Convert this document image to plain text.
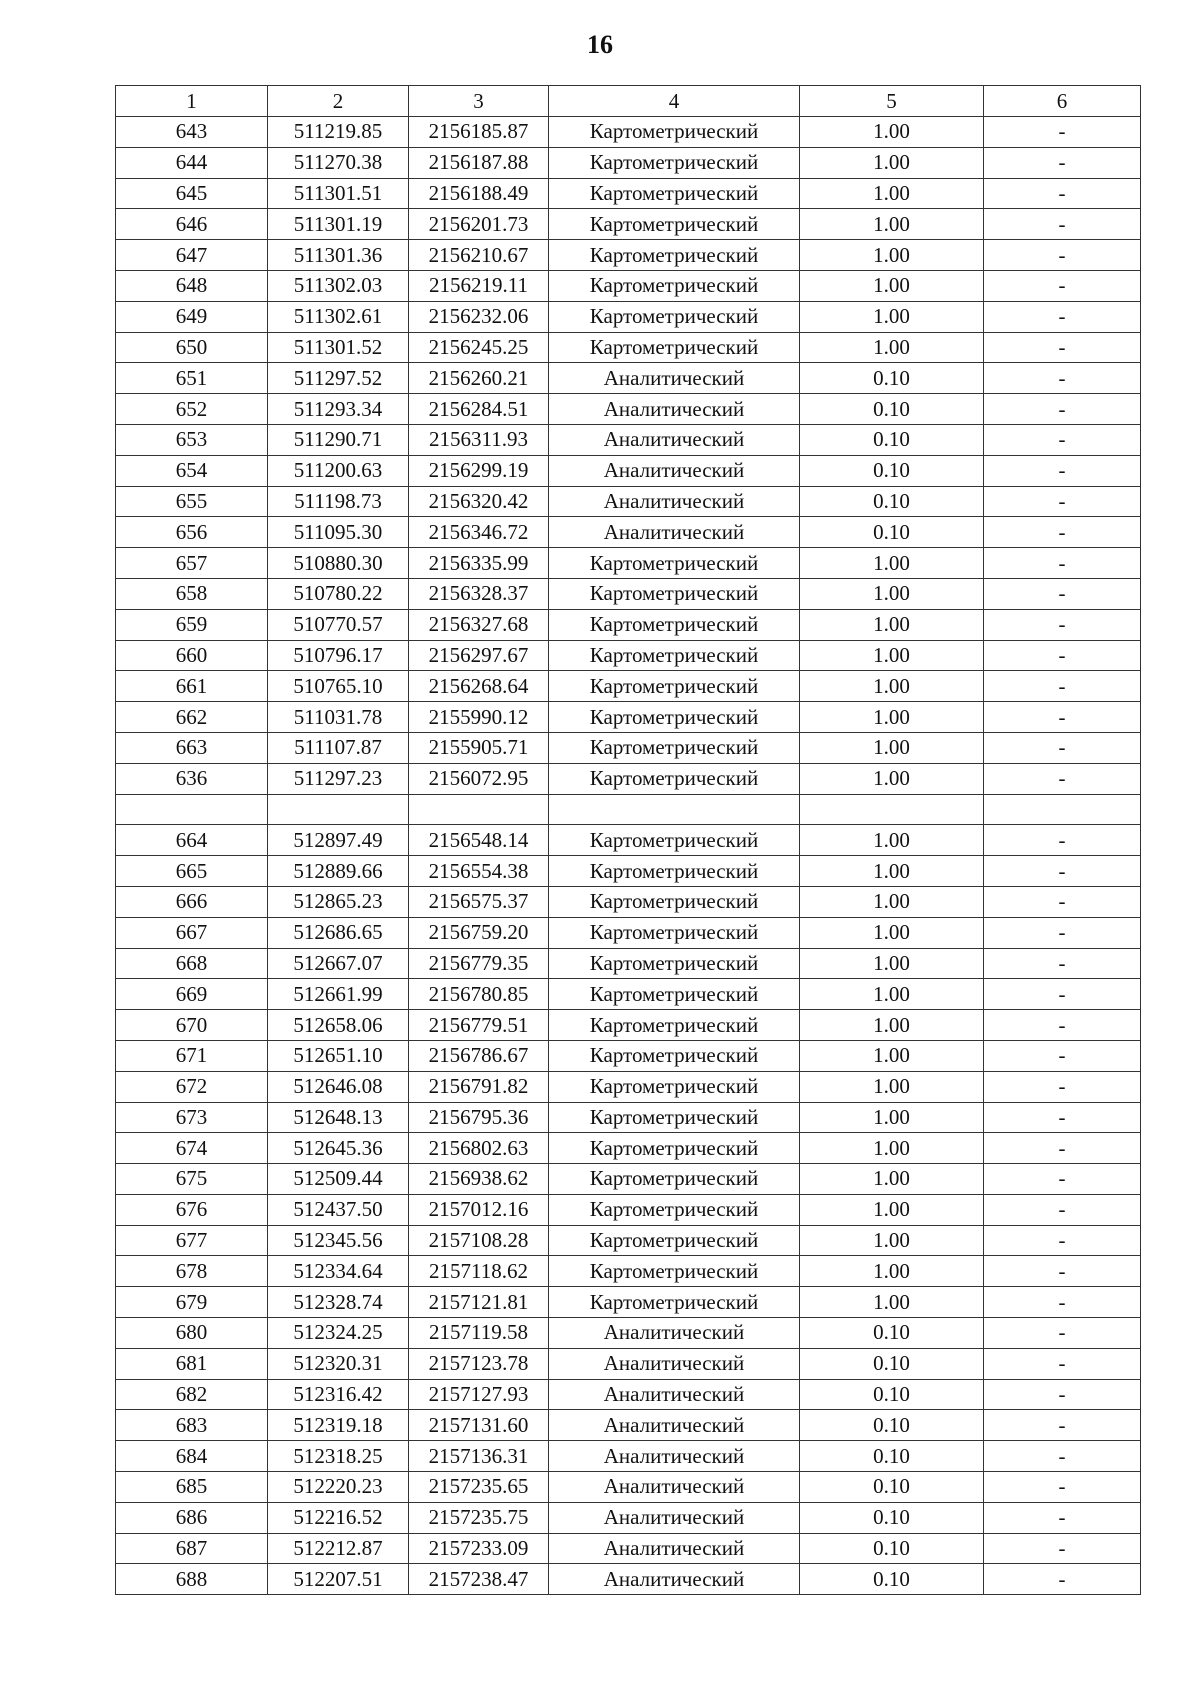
16
1	2	3	4	5	6
643	511219.85	2156185.87	Картометрический	1.00	-
644	511270.38	2156187.88	Картометрический	1.00	-
645	511301.51	2156188.49	Картометрический	1.00	-
646	511301.19	2156201.73	Картометрический	1.00	-
647	511301.36	2156210.67	Картометрический	1.00	-
648	511302.03	2156219.11	Картометрический	1.00	-
649	511302.61	2156232.06	Картометрический	1.00	-
650	511301.52	2156245.25	Картометрический	1.00	-
651	511297.52	2156260.21	Аналитический	0.10	-
652	511293.34	2156284.51	Аналитический	0.10	-
653	511290.71	2156311.93	Аналитический	0.10	-
654	511200.63	2156299.19	Аналитический	0.10	-
655	511198.73	2156320.42	Аналитический	0.10	-
656	511095.30	2156346.72	Аналитический	0.10	-
657	510880.30	2156335.99	Картометрический	1.00	-
658	510780.22	2156328.37	Картометрический	1.00	-
659	510770.57	2156327.68	Картометрический	1.00	-
660	510796.17	2156297.67	Картометрический	1.00	-
661	510765.10	2156268.64	Картометрический	1.00	-
662	511031.78	2155990.12	Картометрический	1.00	-
663	511107.87	2155905.71	Картометрический	1.00	-
636	511297.23	2156072.95	Картометрический	1.00	-

664	512897.49	2156548.14	Картометрический	1.00	-
665	512889.66	2156554.38	Картометрический	1.00	-
666	512865.23	2156575.37	Картометрический	1.00	-
667	512686.65	2156759.20	Картометрический	1.00	-
668	512667.07	2156779.35	Картометрический	1.00	-
669	512661.99	2156780.85	Картометрический	1.00	-
670	512658.06	2156779.51	Картометрический	1.00	-
671	512651.10	2156786.67	Картометрический	1.00	-
672	512646.08	2156791.82	Картометрический	1.00	-
673	512648.13	2156795.36	Картометрический	1.00	-
674	512645.36	2156802.63	Картометрический	1.00	-
675	512509.44	2156938.62	Картометрический	1.00	-
676	512437.50	2157012.16	Картометрический	1.00	-
677	512345.56	2157108.28	Картометрический	1.00	-
678	512334.64	2157118.62	Картометрический	1.00	-
679	512328.74	2157121.81	Картометрический	1.00	-
680	512324.25	2157119.58	Аналитический	0.10	-
681	512320.31	2157123.78	Аналитический	0.10	-
682	512316.42	2157127.93	Аналитический	0.10	-
683	512319.18	2157131.60	Аналитический	0.10	-
684	512318.25	2157136.31	Аналитический	0.10	-
685	512220.23	2157235.65	Аналитический	0.10	-
686	512216.52	2157235.75	Аналитический	0.10	-
687	512212.87	2157233.09	Аналитический	0.10	-
688	512207.51	2157238.47	Аналитический	0.10	-
